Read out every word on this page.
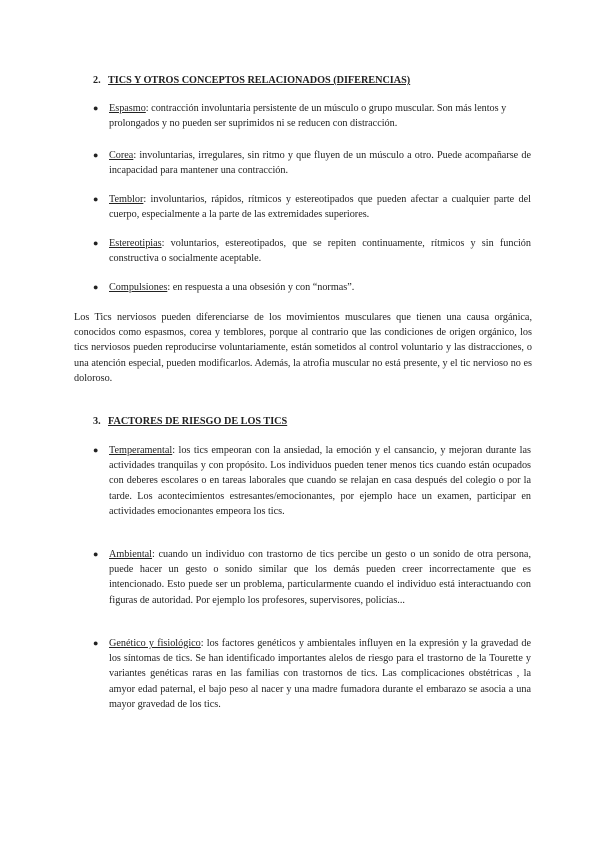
2. TICS Y OTROS CONCEPTOS RELACIONADOS (DIFERENCIAS)
● Espasmo: contracción involuntaria persistente de un músculo o grupo muscular. Son más lentos y prolongados y no pueden ser suprimidos ni se reducen con distracción.
● Corea: involuntarias, irregulares, sin ritmo y que fluyen de un músculo a otro. Puede acompañarse de incapacidad para mantener una contracción.
● Temblor: involuntarios, rápidos, rítmicos y estereotipados que pueden afectar a cualquier parte del cuerpo, especialmente a la parte de las extremidades superiores.
● Estereotipias: voluntarios, estereotipados, que se repiten continuamente, rítmicos y sin función constructiva o socialmente aceptable.
● Compulsiones: en respuesta a una obsesión y con “normas”.
Los Tics nerviosos pueden diferenciarse de los movimientos musculares que tienen una causa orgánica, conocidos como espasmos, corea y temblores, porque al contrario que las condiciones de origen orgánico, los tics nerviosos pueden reproducirse voluntariamente, están sometidos al control voluntario y las distracciones, o una atención especial, pueden modificarlos. Además, la atrofia muscular no está presente, y el tic nervioso no es doloroso.
3. FACTORES DE RIESGO DE LOS TICS
● Temperamental: los tics empeoran con la ansiedad, la emoción y el cansancio, y mejoran durante las actividades tranquilas y con propósito. Los individuos pueden tener menos tics cuando están ocupados con deberes escolares o en tareas laborales que cuando se relajan en casa después del colegio o por la tarde. Los acontecimientos estresantes/emocionantes, por ejemplo hace un examen, participar en actividades emocionantes empeora los tics.
● Ambiental: cuando un individuo con trastorno de tics percibe un gesto o un sonido de otra persona, puede hacer un gesto o sonido similar que los demás pueden creer incorrectamente que es intencionado. Esto puede ser un problema, particularmente cuando el individuo está interactuando con figuras de autoridad. Por ejemplo los profesores, supervisores, policías...
● Genético y fisiológico: los factores genéticos y ambientales influyen en la expresión y la gravedad de los síntomas de tics. Se han identificado importantes alelos de riesgo para el trastorno de la Tourette y variantes genéticas raras en las familias con trastornos de tics. Las complicaciones obstétricas , la amyor edad paternal, el bajo peso al nacer y una madre fumadora durante el embarazo se asocia a una mayor gravedad de los tics.
